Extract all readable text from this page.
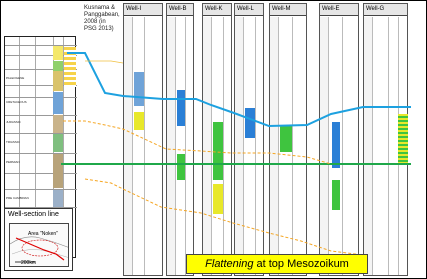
PALEOGENE
CRETACEOUS
JURASSIC
TRIASSIC
PERMIAN
PRE CAMBRIAN
Kusnama &
Panggabean, 2008 (in
PSG 2013)
Well-I	Well-B	Well-K	Well-L	Well-M	Well-E	Well-G
Well-section line
Area "Noken"
200km	Flattening at top Mesozoikum
